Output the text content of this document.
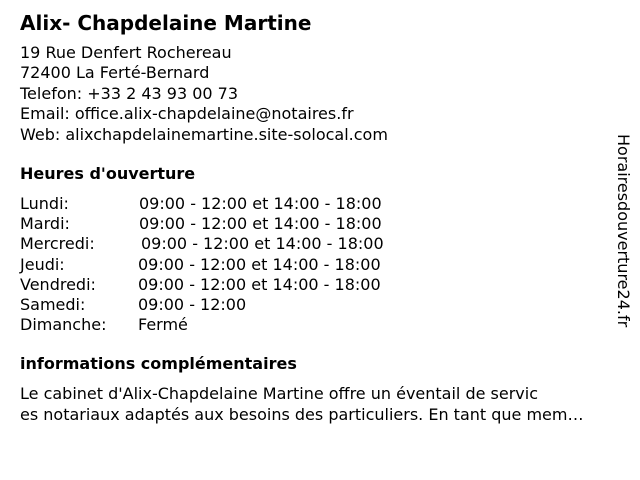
Alix- Chapdelaine Martine
19 Rue Denfert Rochereau
72400 La Ferté-Bernard
Telefon: +33 2 43 93 00 73
Email: office.alix-chapdelaine@notaires.fr
Web: alixchapdelainemartine.site-solocal.com
Heures d'ouverture
Lundi:	09:00 - 12:00 et 14:00 - 18:00
Mardi:	09:00 - 12:00 et 14:00 - 18:00
Mercredi:	09:00 - 12:00 et 14:00 - 18:00
Jeudi:	09:00 - 12:00 et 14:00 - 18:00
Vendredi:	09:00 - 12:00 et 14:00 - 18:00
Samedi:	09:00 - 12:00
Dimanche: Fermé
informations complémentaires
Le cabinet d'Alix-Chapdelaine Martine offre un éventail de servic
es notariaux adaptés aux besoins des particuliers. En tant que mem…
Horairesdouverture24.fr
